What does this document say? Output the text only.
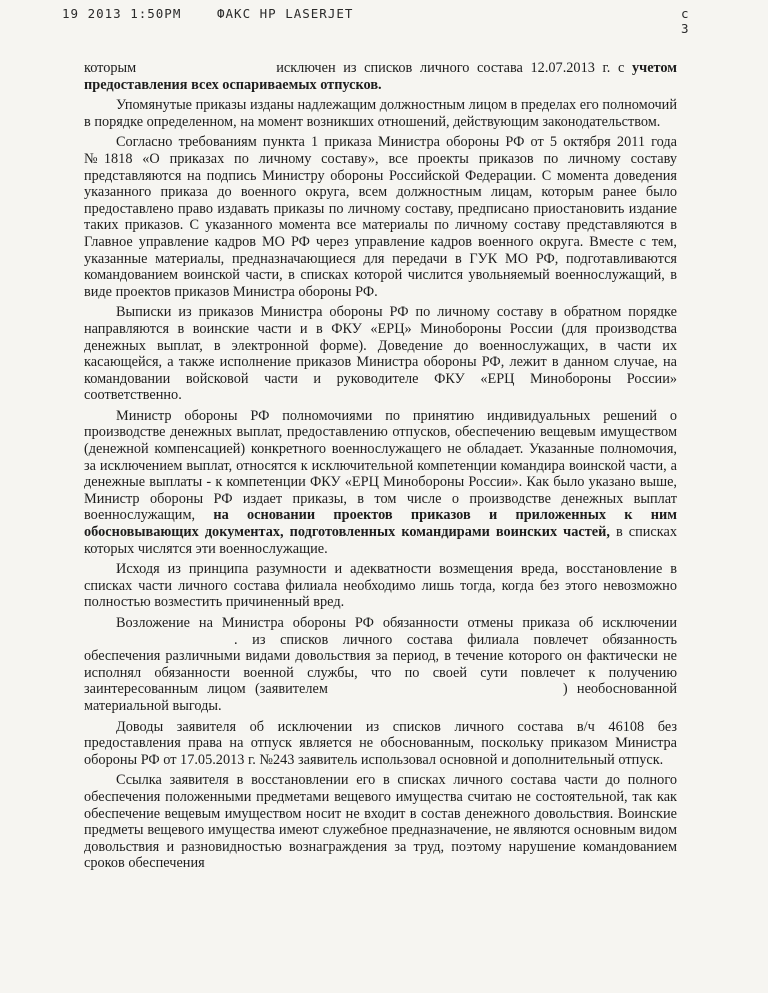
19 2013 1:50PM	ФАКС HP LASERJET	с 3

которым	исключен из списков личного состава 12.07.2013 г. с учетом предоставления всех оспариваемых отпусков.

Упомянутые приказы изданы надлежащим должностным лицом в пределах его полномочий в порядке определенном, на момент возникших отношений, действующим законодательством.

Согласно требованиям пункта 1 приказа Министра обороны РФ от 5 октября 2011 года №1818 «О приказах по личному составу», все проекты приказов по личному составу представляются на подпись Министру обороны Российской Федерации. С момента доведения указанного приказа до военного округа, всем должностным лицам, которым ранее было предоставлено право издавать приказы по личному составу, предписано приостановить издание таких приказов. С указанного момента все материалы по личному составу представляются в Главное управление кадров МО РФ через управление кадров военного округа. Вместе с тем, указанные материалы, предназначающиеся для передачи в ГУК МО РФ, подготавливаются командованием воинской части, в списках которой числится увольняемый военнослужащий, в виде проектов приказов Министра обороны РФ.

Выписки из приказов Министра обороны РФ по личному составу в обратном порядке направляются в воинские части и в ФКУ «ЕРЦ» Минобороны России (для производства денежных выплат, в электронной форме). Доведение до военнослужащих, в части их касающейся, а также исполнение приказов Министра обороны РФ, лежит в данном случае, на командовании войсковой части и руководителе ФКУ «ЕРЦ Минобороны России» соответственно.

Министр обороны РФ полномочиями по принятию индивидуальных решений о производстве денежных выплат, предоставлению отпусков, обеспечению вещевым имуществом (денежной компенсацией) конкретного военнослужащего не обладает. Указанные полномочия, за исключением выплат, относятся к исключительной компетенции командира воинской части, а денежные выплаты - к компетенции ФКУ «ЕРЦ Минобороны России». Как было указано выше, Министр обороны РФ издает приказы, в том числе о производстве денежных выплат военнослужащим, на основании проектов приказов и приложенных к ним обосновывающих документах, подготовленных командирами воинских частей, в списках которых числятся эти военнослужащие.

Исходя из принципа разумности и адекватности возмещения вреда, восстановление в списках части личного состава филиала необходимо лишь тогда, когда без этого невозможно полностью возместить причиненный вред.

Возложение на Министра обороны РФ обязанности отмены приказа об исключении. из списков личного состава филиала повлечет обязанность обеспечения различными видами довольствия за период, в течение которого он фактически не исполнял обязанности военной службы, что по своей сути повлечет к получению заинтересованным лицом (заявителем	) необоснованной материальной выгоды.

Доводы заявителя об исключении из списков личного состава в/ч 46108 без предоставления права на отпуск является не обоснованным, поскольку приказом Министра обороны РФ от 17.05.2013 г. №243 заявитель использовал основной и дополнительный отпуск.

Ссылка заявителя в восстановлении его в списках личного состава части до полного обеспечения положенными предметами вещевого имущества считаю не состоятельной, так как обеспечение вещевым имуществом носит не входит в состав денежного довольствия. Воинские предметы вещевого имущества имеют служебное предназначение, не являются основным видом довольствия и разновидностью вознаграждения за труд, поэтому нарушение командованием сроков обеспечения
